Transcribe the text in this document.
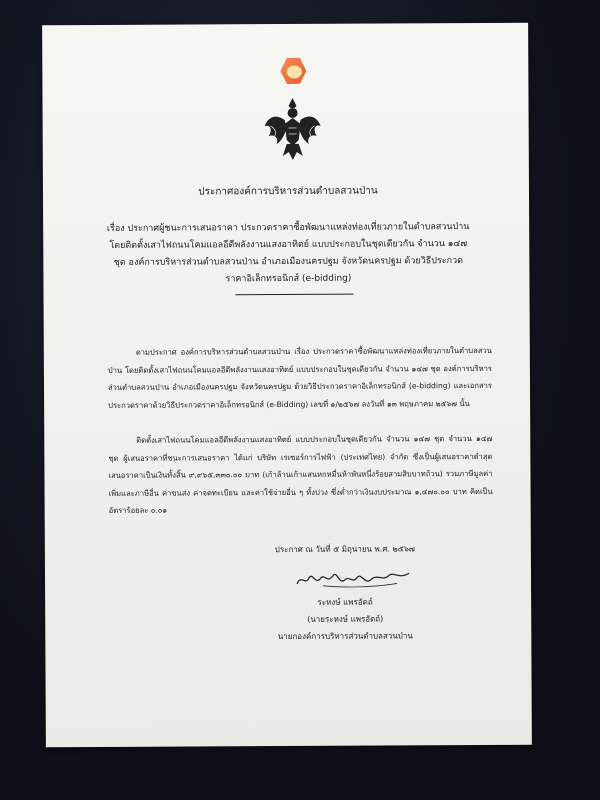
ประกาศองค์การบริหารส่วนตำบลสวนป่าน
เรื่อง ประกาศผู้ชนะการเสนอราคา ประกวดราคาซื้อพัฒนาแหล่งท่องเที่ยวภายในตำบลสวนป่าน โดยติดตั้งเสาไฟถนนโคมแอลอีดีพลังงานแสงอาทิตย์ แบบประกอบในชุดเดียวกัน จำนวน ๑๔๗ ชุด องค์การบริหารส่วนตำบลสวนป่าน อำเภอเมืองนครปฐม จังหวัดนครปฐม ด้วยวิธีประกวดราคาอิเล็กทรอนิกส์ (e-bidding)
ตามประกาศ องค์การบริหารส่วนตำบลสวนป่าน เรื่อง ประกวดราคาซื้อพัฒนาแหล่งท่องเที่ยวภายในตำบลสวนป่าน โดยติดตั้งเสาไฟถนนโคมแอลอีดีพลังงานแสงอาทิตย์ แบบประกอบในชุดเดียวกัน จำนวน ๑๔๗ ชุด องค์การบริหารส่วนตำบลสวนป่าน อำเภอเมืองนครปฐม จังหวัดนครปฐม ด้วยวิธีประกวดราคาอิเล็กทรอนิกส์ (e-bidding) และเอกสารประกวดราคาด้วยวิธีประกวดราคาอิเล็กทรอนิกส์ (e-Bidding) เลขที่ ๑/๒๕๖๗ ลงวันที่ ๑๓ พฤษภาคม ๒๕๖๗ นั้น
ติดตั้งเสาไฟถนนโคมแอลอีดีพลังงานแสงอาทิตย์ แบบประกอบในชุดเดียวกัน จำนวน ๑๔๗ ชุด จำนวน ๑๔๗ ชุด ผู้เสนอราคาที่ชนะการเสนอราคา ได้แก่ บริษัท เรเซอร์การไฟฟ้า (ประเทศไทย) จำกัด ซึ่งเป็นผู้เสนอราคาต่ำสุด เสนอราคาเป็นเงินทั้งสิ้น ๙,๙๖๕,๓๓๐.๐๐ บาท (เก้าล้านเก้าแสนหกหมื่นห้าพันหนึ่งร้อยสามสิบบาทถ้วน) รวมภาษีมูลค่าเพิ่มและภาษีอื่น ค่าขนส่ง ค่าจดทะเบียน และค่าใช้จ่ายอื่น ๆ ทั้งปวง ซึ่งต่ำกว่าเงินงบประมาณ ๑,๔๗๐.๐๐ บาท คิดเป็นอัตราร้อยละ ๐.๐๑
ประกาศ ณ วันที่ ๕ มิถุนายน พ.ศ. ๒๕๖๗
ระหงษ์ แพรอัดถ์
(นายระหงษ์ แพรอัดถ์)
นายกองค์การบริหารส่วนตำบลสวนป่าน
